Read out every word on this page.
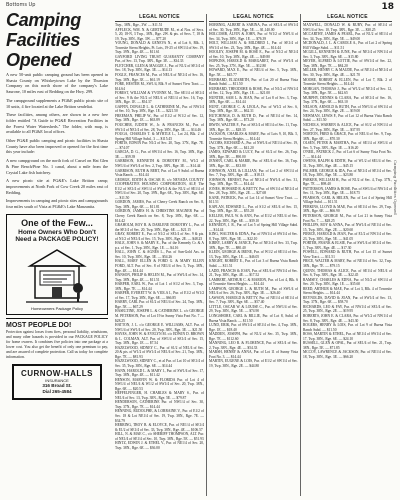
Bottoms Up	18
Camping Facilities Opened

A new 50-unit public camping ground has been opened in Shasta County on Whiskeytown Lake by the Thurston Company on this north shore of the company's Lake Saurone, 10 miles east of Redding on the Hwy. 299.

The campground supplements a PG&E public picnic site of 10 units, 4 fire located at the Lake Britton sendeliat.

These facilities, among others, are shown in a new free folder entitled "A Guide to PG&E Recreation Facilities in the Forest Water Watersheds." The folder, with map, is available to all PG&E local offices.

Other PG&E public camping and picnic facilities in Shasta County have also been improved or opened for the first time this year include:

A new campground on the north fork of Cassel on Hat Glen & Pine Bench/Pine No. 1 canal, about a mile from the Crystal Lake fish hatchery.

A new picnic site at PG&E's Lake Britton camp; improvements at North Fork of Cow Creek 20 miles east of Redding.

Improvements in camping and picnic sites and campgrounds four miles south of Vista at PG&E's Lake Manzanita.

One of the Few...
Home Owners Who Don't Need a PACKAGE POLICY!
Homeowners Package Policy
MOST PEOPLE DO!

Protection against losses from fires, personal liability, windstorm, and many other hazards is provided in our PACKAGE POLICY for home owners. It combines five policies into one package at a lower cost. You also get the benefit of only one premium to pay, and are assured of complete protection. Call us today for complete information.

CURNOW-HALLS
INSURANCE
316 Broad St.
Dial 265-4584
LEGAL NOTICE
Twp., 38N., Rge., 3W. — $11.51
AFFLECK, WM. N. & GERTRUDE M., et al Nos. of Secs. 5, 20, 18-N, 3 Twp., 38N., Rge. 2W. & pts. of Secs. 7, 18 & 19, Twp. 38N., Rge. 3W. — $77.20
YOUNG, DONALD & GENEVA N., et al Lot 6, Blk. 1, Townsite Sierra Heights, Pt. Lots, 19-25 of SW1/4 of Sec. 19, Twp. 39N., Rge. 4E. — $11.61
GAYFORD LIVING TRUST GUARANTY COMPANY Pur., of Sec. 13, Twp. 38N., Rge. 3E. — $34.33
FLETCHER, GLEN & MAGGIE J., Pur. of N1/2 of SE1/4 of Sec. 18, Twp. 38N., Rge. 3E. — $14.13
FOGLE, FRANCES M., Pur. of NE1/4 of NE1/4 of Sec. 16, Twp. 38N., Rge. 3E. — $61.19
FORE, HESTER M., SW1/4, Blk. 9 of Sunset View Tract. — $14.64
FOREST, WILLIAM & YVONNE M., The SE1/4 of SE1/4 of Sec. 9 & the N1/2 of NE1/4 of NE1/4 of Sec. 16, Twp. 38N., Rge. 1E. — $54.37
GAFFIN, DONALD L. & CATHERINE M., Pur. of NW1/4 of Sec. 10, Twp. 38N., Rge. 1E. — $221.50
FREEMAN, PHILIP W., Pur. of E1/2 of W1/2 of Sec. 12, Twp. 38N., Rge. 1E. — $63.89
FOUCHER, JUDITH W., Jr. & FRANCES M., Pur. of SW1/4 of NE1/4 of Sec. 28, Twp. 38N., Rge. 3E. — $14.46
FOUGA, CHARLES T. & MYRTLE L., Lot 24, Blk. 2 of Spring Hill Village Subd., 3 — $115.45
FORTIS, EDWIN Pur. N1/2 of Sec. 20, Twp. 37N., Rge. 7E. — $74.07
GARCIA, D. G., Pur. of SW1/4 of Sec. 16, Twp. 38N., Rge. 3E. — $59.39
GARRISON, KENNETH & DOROTHY M., W1/2 of NW1/4 of SW1/4 of Sec. 2, Twp. 38N., Rge. 3E. — $14.44
GARRISON, RUTH & BERT, Pur. of Lot 9 Subd. of Buena Vista Ranch. — $14.44
GEORGE, EDITH & OSCAR R. c/o NEVADA COUNTY COOPERATIVE HOUSING CORPORATION, ALP, The E1/2 of SE1/4 of SW1/4 of SW1/4 & the N1/2 of SE1/4 of NW1/4 of Sec. 20, Twp. 39N., Rge. 6E., Twp. 38N., Rge. 6E. — $11.50
GORDON, JAMES, Pur. of Cherry Creek Ranch on Sec. 8, Twp. 38N., Rge. 6E. — $11.81
GORDON, JAMES H. & CHRISTINE MAGNER Pur. of Cherry Creek Ranch on Sec. 8, Twp. 38N., Rge. 6E. — $14.42
GRAHOLM, ROY B. & DARLENE DOROTHY L., Pur. of the SE1/4 of Sec. 20, Twp. 38N., Rge. 6E. — $21.15
GRAY, ROBERT E., Pur. of N1/2 of SE1/4 of Sec. 9 & pts. of N1/2 of NE1/4 of Sec. 15, Twp. 38N., Rge. 2E. — $48.25
HALE, JOHN S. & MARY E., Pur. of the Kennedy Cr. & A p.s. of Sec. 1, Twp. 38N., Rge. 1E. — $4.16
HALL, JOHN C. & AGNES L., Pur. of Sun-Gold Ass. in Sec. 10, Twp. 38N., Rge. 3E. — $54.26
HALL, MARY ELLEN & FORD G. & MARY ELLEN FORD, ALT. Pur. of Sec. 8 of NE1/4 of Sec. 5, Twp. 38N., Rge. 4E. — $14.44
HANSON, PHILIP & HELEN M., Pur. of SW1/4 of Sec. 14, Twp. 38N., Rge. 4E. — $11.51
HARPER, EARL W., Pur. of Lot 1 of S1/2 of Sec. 3, Twp. 38N., Rge. 7E. — $14.44
HARPER, EVERETT W. & VIOLA I., Pur. of E1/2 of W1/2 of Sec. 17, Twp. 38N., Rge. 6E. — $66.85
HARRY, CARL Pur. of S1/2 of NE1/4 of Sec. 24, Twp. 38N., Rge. 5E. — $67.29
HASELTINE, JOSEPH L. & CATHERINE L. c/o GEORGE M. PETERSON, Pur. of Lot 19 in Sunny Vista Foot No. 7 — $28.25
HATTON, J. L. c/o GEORGE E. WILLIAMS, ALT. Pur. of NW1/4 of SW1/4 of Sec. 20, Twp. 38N., Rge. 3E. — $21.50
HAYES, JOHN W. & EVELYN M. c/o EDWIN D. BROWN & L. COLMAN, ALT. Pur. of SW1/4 of SE1/4 of Sec. 15, Twp. 38N., Rge. 1E. — $7.54
HAZELWOOD, SIDNEY C., Pur. of S1/2 of NE1/4 of Sec. 20 & pts. of W1/2 of SW1/4 of NE1/4 of Sec. 21, Twp. 38N., Rge. 7E. — $81.93
HAZELWOOD, SIDNEY C., et al Pur. of Lot 10 of SE1/4 of Sec. 35, Twp. 38N., Rge. 6E. — $14.44
HANN, HAROLD L. & MARY I., Pur. of SW1/4 of Sec. 17, Twp. 38N., Rge. 4E. — $11.42
HENSON, MARVIN W. & FLORIDA Pur. of Lot 4 of NW1/4 of NE1/4 & W1/2 of SW1/4 of Sec. 20, Twp. 38N., Rge. 6E. — $20.53
HEFFELFINGER, H. CHARLES & MARY S., Pur. of NE1/4 of Sec. 13, Twp. 38N., Rge. 5E. — $79.87
HENDERSON, CATHERINE Pur. of NW1/4 of Sec. 30, Twp. 37N., Rge. 7E. — $14.44
HENNING, RUDOLPHE, & LORRAINE V., Pur. of E1/2 of Sec. 18 & Lot NE1/4 of Sec. 19, Twp. 38N., Rge. 7E. — $34.79
HERRING, TROY B. & ELOYCE, Pur. of NE1/4 of SE1/4 & E1/2 of SE1/4 of Sec. 33, Twp. 38N., Rge. 4E. — $106.57
HILL, N. & MAE C., c/o SHERIFF THOMPSON, ALT. Pur. of NE1/4 of SE1/4 of Sec. 10, Twp. 38N., Rge. 5E. — $51.93
HINTZ, EDWIN J. & ETHEL V., Pur. of NE1/4 of Sec. 20, Twp. 38N., Rge. 6E. — $36.00
LEGAL NOTICE
HOERNIG, ALBERT & SABINA, Pur. of SE1/4 of SW1/4 of Sec. 30, Twp. 38N., Rge. 5E. — $1,140.00
HOLCOMB, ALVIN & JOHN, Pur. of W1/2 of NW1/4 of Sec. 34, Twp. 38N., Rge. 1E. — $76.39
HOLT, WILLIAM A. & MILDRED I., Pur. of SE1/4 of SW1/4 of Sec. 23, Twp. 38N., Rge. 4E. — $14.44
HOOLEY, JOSEPH M. & ROSE E., Pur. of N1/2 of NE1/4 of Sec. 10, Twp. 38N., Rge. 4E. — $49.80
HOPKINS, HAROLD & MARGARET, Pur. of SW1/4 of Sec. 25, Twp. 37N., Rge. 5E. — $12.80
HOWARD, MAX E., Pur. of NE1/4 of Sec. 5, Twp. 38N., Rge. 5E. — $45.77
HUBBARD, ELIZABETH, Pur. of Lot 20 of Buena Vista Ranch Subd. — $11.50
HUBBARD, THEODORE & ROSE, Pur. of N1/2 of NW1/4 of Sec. 12, Twp. 38N., Rge. 1E. — $21.00
HUNTER, SAM L. & JEAN, Pur. of Lot 8 of Sec. 3, Twp. 38N., Rge. 6E. — $14.44
HUNT, GEORGE C. & LEOLA, Pur. of W1/2 of Sec. 6, Twp. 38N., Rge. 3E. — $62.31
HUTCHINGS, D. & RUTH D., Pur. of NE1/4 of Sec. 14, Twp. 38N., Rge. 6E. — $73.20
IRWIN, WALTER F., Pur. of SE1/4 of SE1/4 of Sec. 11, Twp. 38N., Rge. 1E. — $28.35
JACKSON, CHARLES & MARY, Pur. of Lots 9, 10, Blk. 5, Townsite Sierra Heights. — $14.44
JACOBS, RICHARD A., Pur. of NW1/4 of NE1/4 of Sec. 19, Twp. 37N., Rge. 6E. — $41.20
JAMES, EDWARD & LUCY, Pur. of S1/2 of Sec. 26, Twp. 38N., Rge. 5E. — $90.00
JENSEN, CARL & MARIE, Pur. of SE1/4 of Sec. 36, Twp. 38N., Rge. 3E. — $33.80
JOHNSON, AXEL & LILLIAN, Pur. of Lot 2 of SW1/4 of Sec. 7, Twp. 38N., Rge. 4E. — $18.13
JOHNSON, ERNEST, Pur. of NE1/4 of NW1/4 of Sec. 31, Twp. 38N., Rge. 7E. — $14.44
JONES, HOWARD R. & BETTY, Pur. of SW1/4 of NE1/4 of Sec. 28, Twp. 38N., Rge. 2E. — $27.68
KANE, PATRICK, Pur. of Lot 14 of Sunset View Tract. — $11.51
KAPLAN, EDWARD L., Pur. of S1/2 of SE1/4 of Sec. 15, Twp. 38N., Rge. 3E. — $55.20
KELLER, PAUL W. & ANN, Pur. of E1/2 of NE1/4 of Sec. 22, Twp. 38N., Rge. 6E. — $39.10
KENNEDY, J. R., Pur. of Lot 5 of Spring Hill Village Subd. — $14.44
KING, WALTER & EDNA, Pur. of NW1/4 of SW1/4 of Sec. 8, Twp. 38N., Rge. 5E. — $22.10
KIRBY, LARRY & JANICE, Pur. of NE1/4 of Sec. 33, Twp. 38N., Rge. 7E. — $80.40
KLEIN, GEORGE & IRENE, Pur. of W1/2 of SE1/4 of Sec. 13, Twp. 38N., Rge. 1E. — $46.05
KNIGHT, ROBERT E., Pur. of Lot 3 of Buena Vista Ranch Subd. — $11.51
LADD, FRANCIS & JOAN, Pur. of SE1/4 of NW1/4 of Sec. 21, Twp. 38N., Rge. 4E. — $17.52
LAMBERT, ARTHUR C. & MARION, Pur. of Lot 4, Blk. 6 of Townsite Sierra Heights. — $14.44
LAMPSON, GEORGE L. & RUTH M., Pur. of SW1/4 of NE1/4 of Sec. 26, Twp. 38N., Rge. 3E. — $26.40
LAWSON, HAROLD & BETTY, Pur. of NE1/4 of SE1/4 of Sec. 7, Twp. 38N., Rge. 6E. — $57.40
LITTLE, OSCAR W. & LOUISE C., Pur. of NW1/4 of Sec. 29, Twp. 38N., Rge. 5E. — $74.90
LONGSHORE, CARL & BILLIE, Pur. of Lot 8, Subd. of Buena Vista Ranch. — $11.50
LUND, ERIK, Pur. of SW1/4 of SE1/4 of Sec. 4, Twp. 38N., Rge. 1E. — $18.40
MADDEN, JOSEPH, Pur. of N1/2 of Sec. 35, Twp. 38N., Rge. 7E. — $112.60
MANNING, LEO R. & FLORENCE, Pur. of SE1/4 of Sec. 2, Twp. 38N., Rge. 4E. — $54.33
MARSH, HENRY & ANNA, Pur. of Lot 11 of Sunny Vista Foot No. 3. — $14.44
MARTIN, EUGENE & LOIS, Pur. of E1/2 of SW1/4 of Sec. 19, Twp. 38N., Rge. 2E. — $44.80
LEGAL NOTICE
MAXWELL, DONALD W. & RUBY, Pur. of SE1/4 of NW1/4 of Sec. 10, Twp. 38N., Rge. 3E. — $30.25
MCCARTHY, JAMES & PEARL, Pur. of N1/2 of SE1/4 of Sec. 34, Twp. 38N., Rge. 5E. — $49.00
MCDONALD, J. L. & CAROLE A., Pur. of Lot 2 of Spring Hill Village Subd. — $11.51
MCGILL, KENNETH & JUNE, Pur. of NE1/4 of NW1/4 of Sec. 3, Twp. 38N., Rge. 6E. — $15.80
MEYER, ALFRED & LOTTIE, Pur. of SW1/4 of Sec. 22, Twp. 38N., Rge. 7E. — $84.20
MILLER, HENRY C. & MAUDE, Pur. of NE1/4 of NE1/4 of Sec. 30, Twp. 38N., Rge. 4E. — $21.70
MOORE, ROBERT & ELLEN, Pur. of Lot 7, Blk. 2 of Townsite Sierra Heights. — $14.44
MORGAN, THOMAS J., Pur. of W1/2 of NE1/4 of Sec. 12, Twp. 38N., Rge. 5E. — $42.65
MURPHY, DENNIS & CLARA, Pur. of SE1/4 of Sec. 16, Twp. 37N., Rge. 6E. — $63.10
NELSON, ARNOLD & RUTH, Pur. of NW1/4 of SW1/4 of Sec. 24, Twp. 38N., Rge. 2E. — $19.00
NEWMAN, LEWIS F., Pur. of Lot 12 of Buena Vista Ranch Subd. — $11.50
NICHOLS, WARREN & ALICE, Pur. of S1/2 of NW1/4 of Sec. 27, Twp. 38N., Rge. 3E. — $37.95
NORTON, FRED & GRACE, Pur. of NE1/4 of Sec. 9, Twp. 38N., Rge. 6E. — $70.30
OLSEN, PETER & MARTHA, Pur. of SE1/4 of SW1/4 of Sec. 5, Twp. 38N., Rge. 1E. — $16.20
O'NEIL, PATRICK J., Pur. of Lot 6 of Sunny Vista Foot No. 7. — $14.44
OWENS, RALPH & EDITH, Pur. of W1/2 of SE1/4 of Sec. 31, Twp. 38N., Rge. 4E. — $45.15
PALMER, GEORGE & IDA, Pur. of NE1/4 of SE1/4 of Sec. 18, Twp. 38N., Rge. 5E. — $23.80
PARKER, WILLIAM H., Pur. of N1/2 of Sec. 4, Twp. 37N., Rge. 7E. — $98.40
PATTERSON, JAMES & ROSE, Pur. of SW1/4 of NW1/4 of Sec. 11, Twp. 38N., Rge. 3E. — $18.75
PEARSON, CARL & HELEN, Pur. of Lot 4 of Spring Hill Village Subd. — $11.51
PERKINS, LLOYD & MAE, Pur. of SE1/4 of Sec. 29, Twp. 38N., Rge. 6E. — $66.90
PETERSON, GEORGE M., Pur. of Lot 21 in Sunny Vista Foot No. 7. — $28.25
PHILLIPS, ROY & ANNA, Pur. of NW1/4 of NE1/4 of Sec. 15, Twp. 38N., Rge. 2E. — $20.60
PIERCE, HAROLD & JEAN, Pur. of E1/2 of NW1/4 of Sec. 23, Twp. 38N., Rge. 5E. — $41.05
PORTER, FRANK & ELSIE, Pur. of SW1/4 of SE1/4 of Sec. 1, Twp. 38N., Rge. 4E. — $17.30
POWELL, EDWARD & RUTH, Pur. of Lot 15 of Sunset View Tract. — $11.51
PRICE, WALTER & MARY, Pur. of NE1/4 of Sec. 32, Twp. 38N., Rge. 7E. — $79.15
QUINN, THOMAS & ALICE, Pur. of SE1/4 of NE1/4 of Sec. 6, Twp. 38N., Rge. 3E. — $22.45
RAMSEY, CHARLES & EDNA, Pur. of N1/2 of SW1/4 of Sec. 20, Twp. 38N., Rge. 1E. — $35.60
REED, ARTHUR & MAE, Pur. of Lot 3, Blk. 4 of Townsite Sierra Heights. — $14.44
REYNOLDS, DAVID & JOAN, Pur. of SW1/4 of Sec. 13, Twp. 37N., Rge. 6E. — $58.70
RICHARDS, LEO & FAY, Pur. of NW1/4 of SE1/4 of Sec. 25, Twp. 38N., Rge. 2E. — $19.95
ROBERTS, JOHN E. & CLARA, Pur. of W1/2 of NW1/4 of Sec. 8, Twp. 38N., Rge. 4E. — $43.30
ROGERS, HENRY & LOIS, Pur. of Lot 9 of Buena Vista Ranch Subd. — $11.50
ROSS, MARTIN & ETHEL, Pur. of NE1/4 of SW1/4 of Sec. 17, Twp. 38N., Rge. 6E. — $24.10
RUSSELL, GLEN & OPAL, Pur. of SE1/4 of Sec. 21, Twp. 38N., Rge. 5E. — $71.85
MCCOY, LAWRENCE & JACKSON, Pur. of NE1/4 of Sec. 18, Twp. 38N., Rge. 3E. — $66.20
Camping Facilities Opened
